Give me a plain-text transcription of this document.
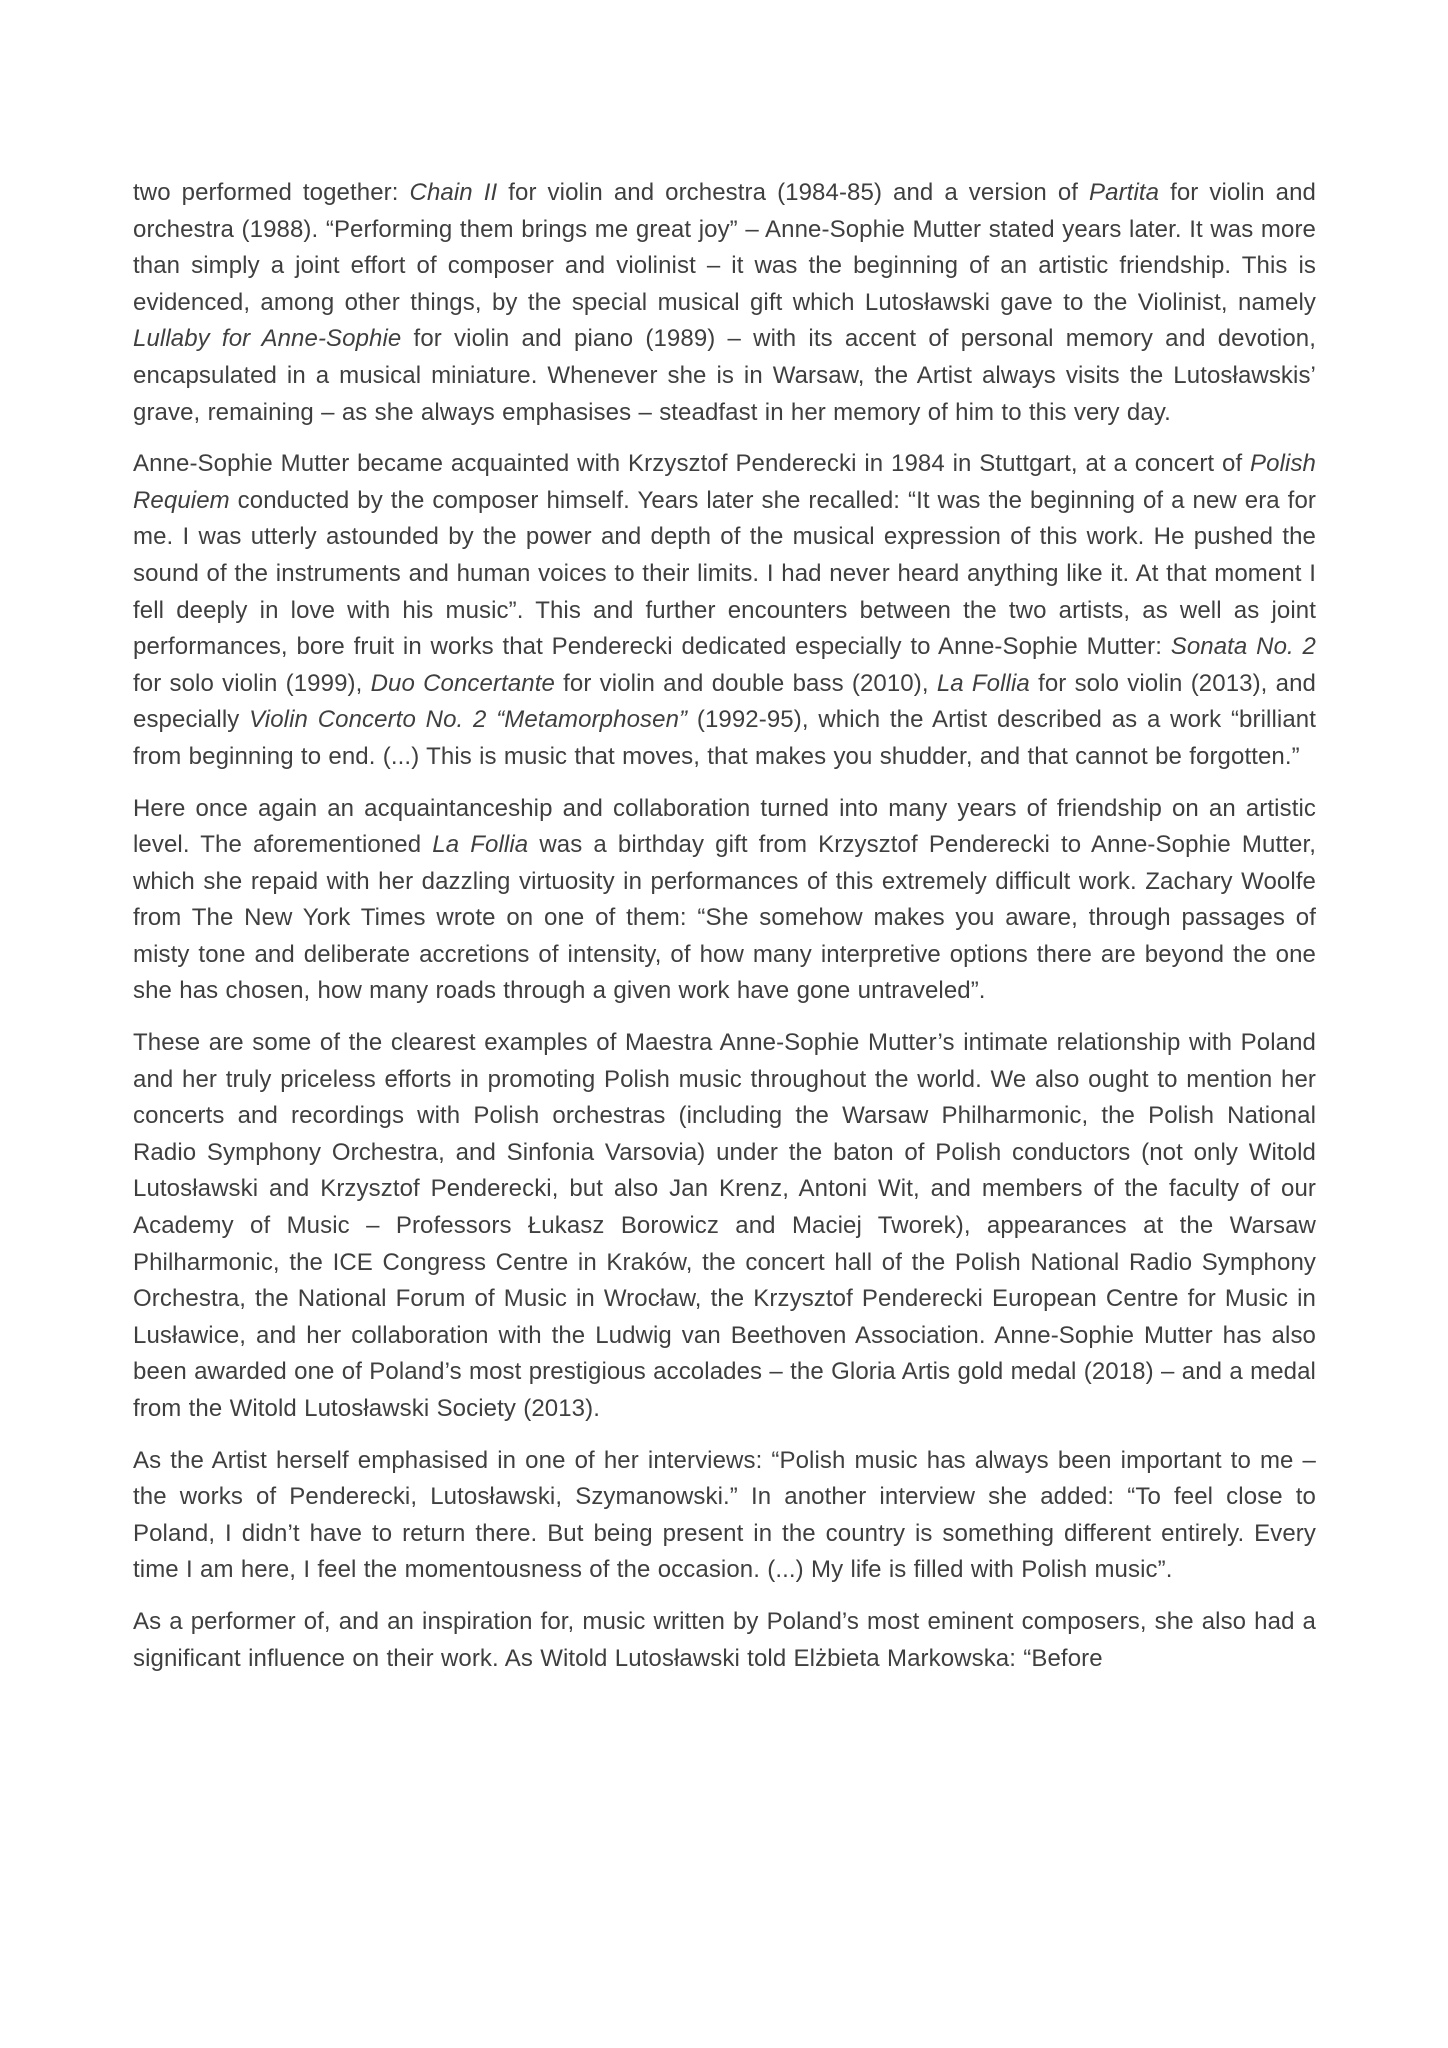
two performed together: Chain II for violin and orchestra (1984-85) and a version of Partita for violin and orchestra (1988). “Performing them brings me great joy” – Anne-Sophie Mutter stated years later. It was more than simply a joint effort of composer and violinist – it was the beginning of an artistic friendship. This is evidenced, among other things, by the special musical gift which Lutosławski gave to the Violinist, namely Lullaby for Anne-Sophie for violin and piano (1989) – with its accent of personal memory and devotion, encapsulated in a musical miniature. Whenever she is in Warsaw, the Artist always visits the Lutosławskis’ grave, remaining – as she always emphasises – steadfast in her memory of him to this very day.

Anne-Sophie Mutter became acquainted with Krzysztof Penderecki in 1984 in Stuttgart, at a concert of Polish Requiem conducted by the composer himself. Years later she recalled: “It was the beginning of a new era for me. I was utterly astounded by the power and depth of the musical expression of this work. He pushed the sound of the instruments and human voices to their limits. I had never heard anything like it. At that moment I fell deeply in love with his music”. This and further encounters between the two artists, as well as joint performances, bore fruit in works that Penderecki dedicated especially to Anne-Sophie Mutter: Sonata No. 2 for solo violin (1999), Duo Concertante for violin and double bass (2010), La Follia for solo violin (2013), and especially Violin Concerto No. 2 “Metamorphosen” (1992-95), which the Artist described as a work “brilliant from beginning to end. (...) This is music that moves, that makes you shudder, and that cannot be forgotten.”

Here once again an acquaintanceship and collaboration turned into many years of friendship on an artistic level. The aforementioned La Follia was a birthday gift from Krzysztof Penderecki to Anne-Sophie Mutter, which she repaid with her dazzling virtuosity in performances of this extremely difficult work. Zachary Woolfe from The New York Times wrote on one of them: “She somehow makes you aware, through passages of misty tone and deliberate accretions of intensity, of how many interpretive options there are beyond the one she has chosen, how many roads through a given work have gone untraveled”.

These are some of the clearest examples of Maestra Anne-Sophie Mutter’s intimate relationship with Poland and her truly priceless efforts in promoting Polish music throughout the world. We also ought to mention her concerts and recordings with Polish orchestras (including the Warsaw Philharmonic, the Polish National Radio Symphony Orchestra, and Sinfonia Varsovia) under the baton of Polish conductors (not only Witold Lutosławski and Krzysztof Penderecki, but also Jan Krenz, Antoni Wit, and members of the faculty of our Academy of Music – Professors Łukasz Borowicz and Maciej Tworek), appearances at the Warsaw Philharmonic, the ICE Congress Centre in Kraków, the concert hall of the Polish National Radio Symphony Orchestra, the National Forum of Music in Wrocław, the Krzysztof Penderecki European Centre for Music in Lusławice, and her collaboration with the Ludwig van Beethoven Association. Anne-Sophie Mutter has also been awarded one of Poland’s most prestigious accolades – the Gloria Artis gold medal (2018) – and a medal from the Witold Lutosławski Society (2013).

As the Artist herself emphasised in one of her interviews: “Polish music has always been important to me – the works of Penderecki, Lutosławski, Szymanowski.” In another interview she added: “To feel close to Poland, I didn’t have to return there. But being present in the country is something different entirely. Every time I am here, I feel the momentousness of the occasion. (...) My life is filled with Polish music”.

As a performer of, and an inspiration for, music written by Poland’s most eminent composers, she also had a significant influence on their work. As Witold Lutosławski told Elżbieta Markowska: “Before
